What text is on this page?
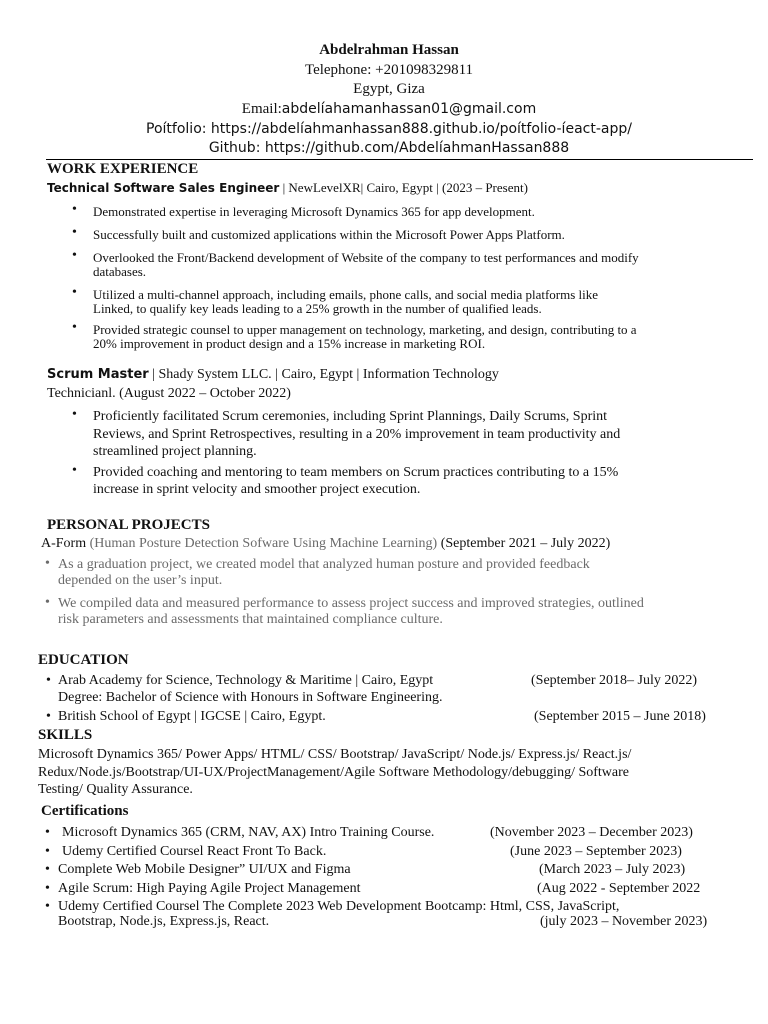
Abdelrahman Hassan
Telephone: +201098329811
Egypt, Giza
Email:abdelíahamanhassan01@gmail.com
Poítfolio: https://abdelíahmanhassan888.github.io/poítfolio-íeact-app/
Github: https://github.com/AbdelíahmanHassan888
WORK EXPERIENCE
Technical Software Sales Engineer | NewLevelXR| Cairo, Egypt | (2023 – Present)
• Demonstrated expertise in leveraging Microsoft Dynamics 365 for app development.
• Successfully built and customized applications within the Microsoft Power Apps Platform.
• Overlooked the Front/Backend development of Website of the company to test performances and modify
databases.
• Utilized a multi-channel approach, including emails, phone calls, and social media platforms like
Linked, to qualify key leads leading to a 25% growth in the number of qualified leads.
• Provided strategic counsel to upper management on technology, marketing, and design, contributing to a
20% improvement in product design and a 15% increase in marketing ROI.
Scrum Master | Shady System LLC. | Cairo, Egypt | Information Technology
Technicianl. (August 2022 – October 2022)
• Proficiently facilitated Scrum ceremonies, including Sprint Plannings, Daily Scrums, Sprint
Reviews, and Sprint Retrospectives, resulting in a 20% improvement in team productivity and
streamlined project planning.
• Provided coaching and mentoring to team members on Scrum practices contributing to a 15%
increase in sprint velocity and smoother project execution.
PERSONAL PROJECTS
A-Form (Human Posture Detection Sofware Using Machine Learning) (September 2021 – July 2022)
• As a graduation project, we created model that analyzed human posture and provided feedback
depended on the user’s input.
• We compiled data and measured performance to assess project success and improved strategies, outlined
risk parameters and assessments that maintained compliance culture.
EDUCATION
• Arab Academy for Science, Technology & Maritime | Cairo, Egypt	(September 2018– July 2022)
Degree: Bachelor of Science with Honours in Software Engineering.
• British School of Egypt | IGCSE | Cairo, Egypt.	(September 2015 – June 2018)
SKILLS
Microsoft Dynamics 365/ Power Apps/ HTML/ CSS/ Bootstrap/ JavaScript/ Node.js/ Express.js/ React.js/
Redux/Node.js/Bootstrap/UI-UX/ProjectManagement/Agile Software Methodology/debugging/ Software
Testing/ Quality Assurance.
Certifications
• Microsoft Dynamics 365 (CRM, NAV, AX) Intro Training Course.	(November 2023 – December 2023)
• Udemy Certified Coursel React Front To Back.	(June 2023 – September 2023)
• Complete Web Mobile Designer” UI/UX and Figma	(March 2023 – July 2023)
• Agile Scrum: High Paying Agile Project Management	(Aug 2022 - September 2022
• Udemy Certified Coursel The Complete 2023 Web Development Bootcamp: Html, CSS, JavaScript,
Bootstrap, Node.js, Express.js, React.	(july 2023 – November 2023)
